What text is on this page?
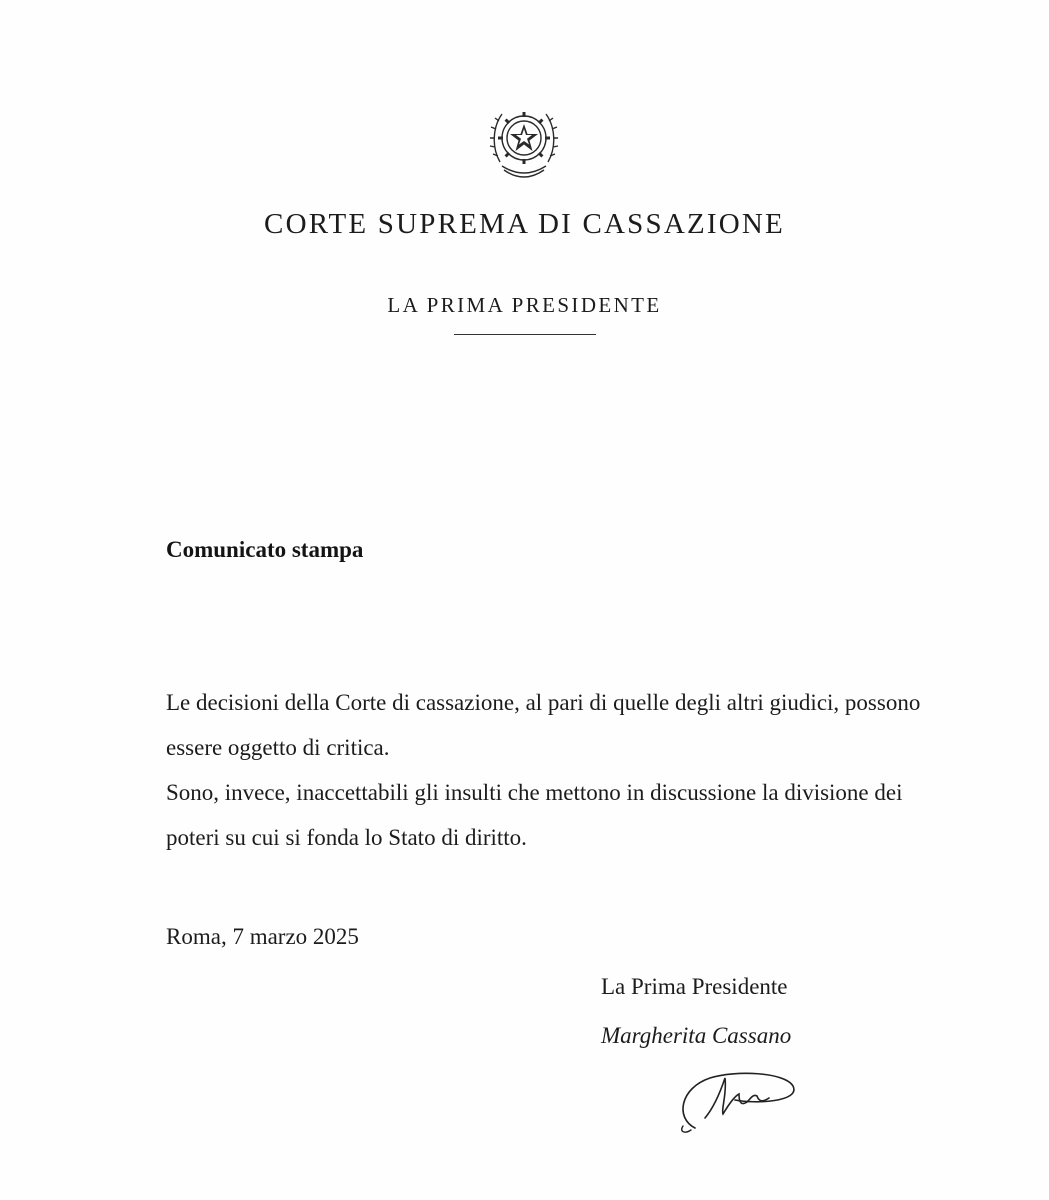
CORTE SUPREMA DI CASSAZIONE
LA PRIMA PRESIDENTE
Comunicato stampa

Le decisioni della Corte di cassazione, al pari di quelle degli altri giudici, possono essere oggetto di critica.

Sono, invece, inaccettabili gli insulti che mettono in discussione la divisione dei poteri su cui si fonda lo Stato di diritto.

Roma, 7 marzo 2025
La Prima Presidente
Margherita Cassano
